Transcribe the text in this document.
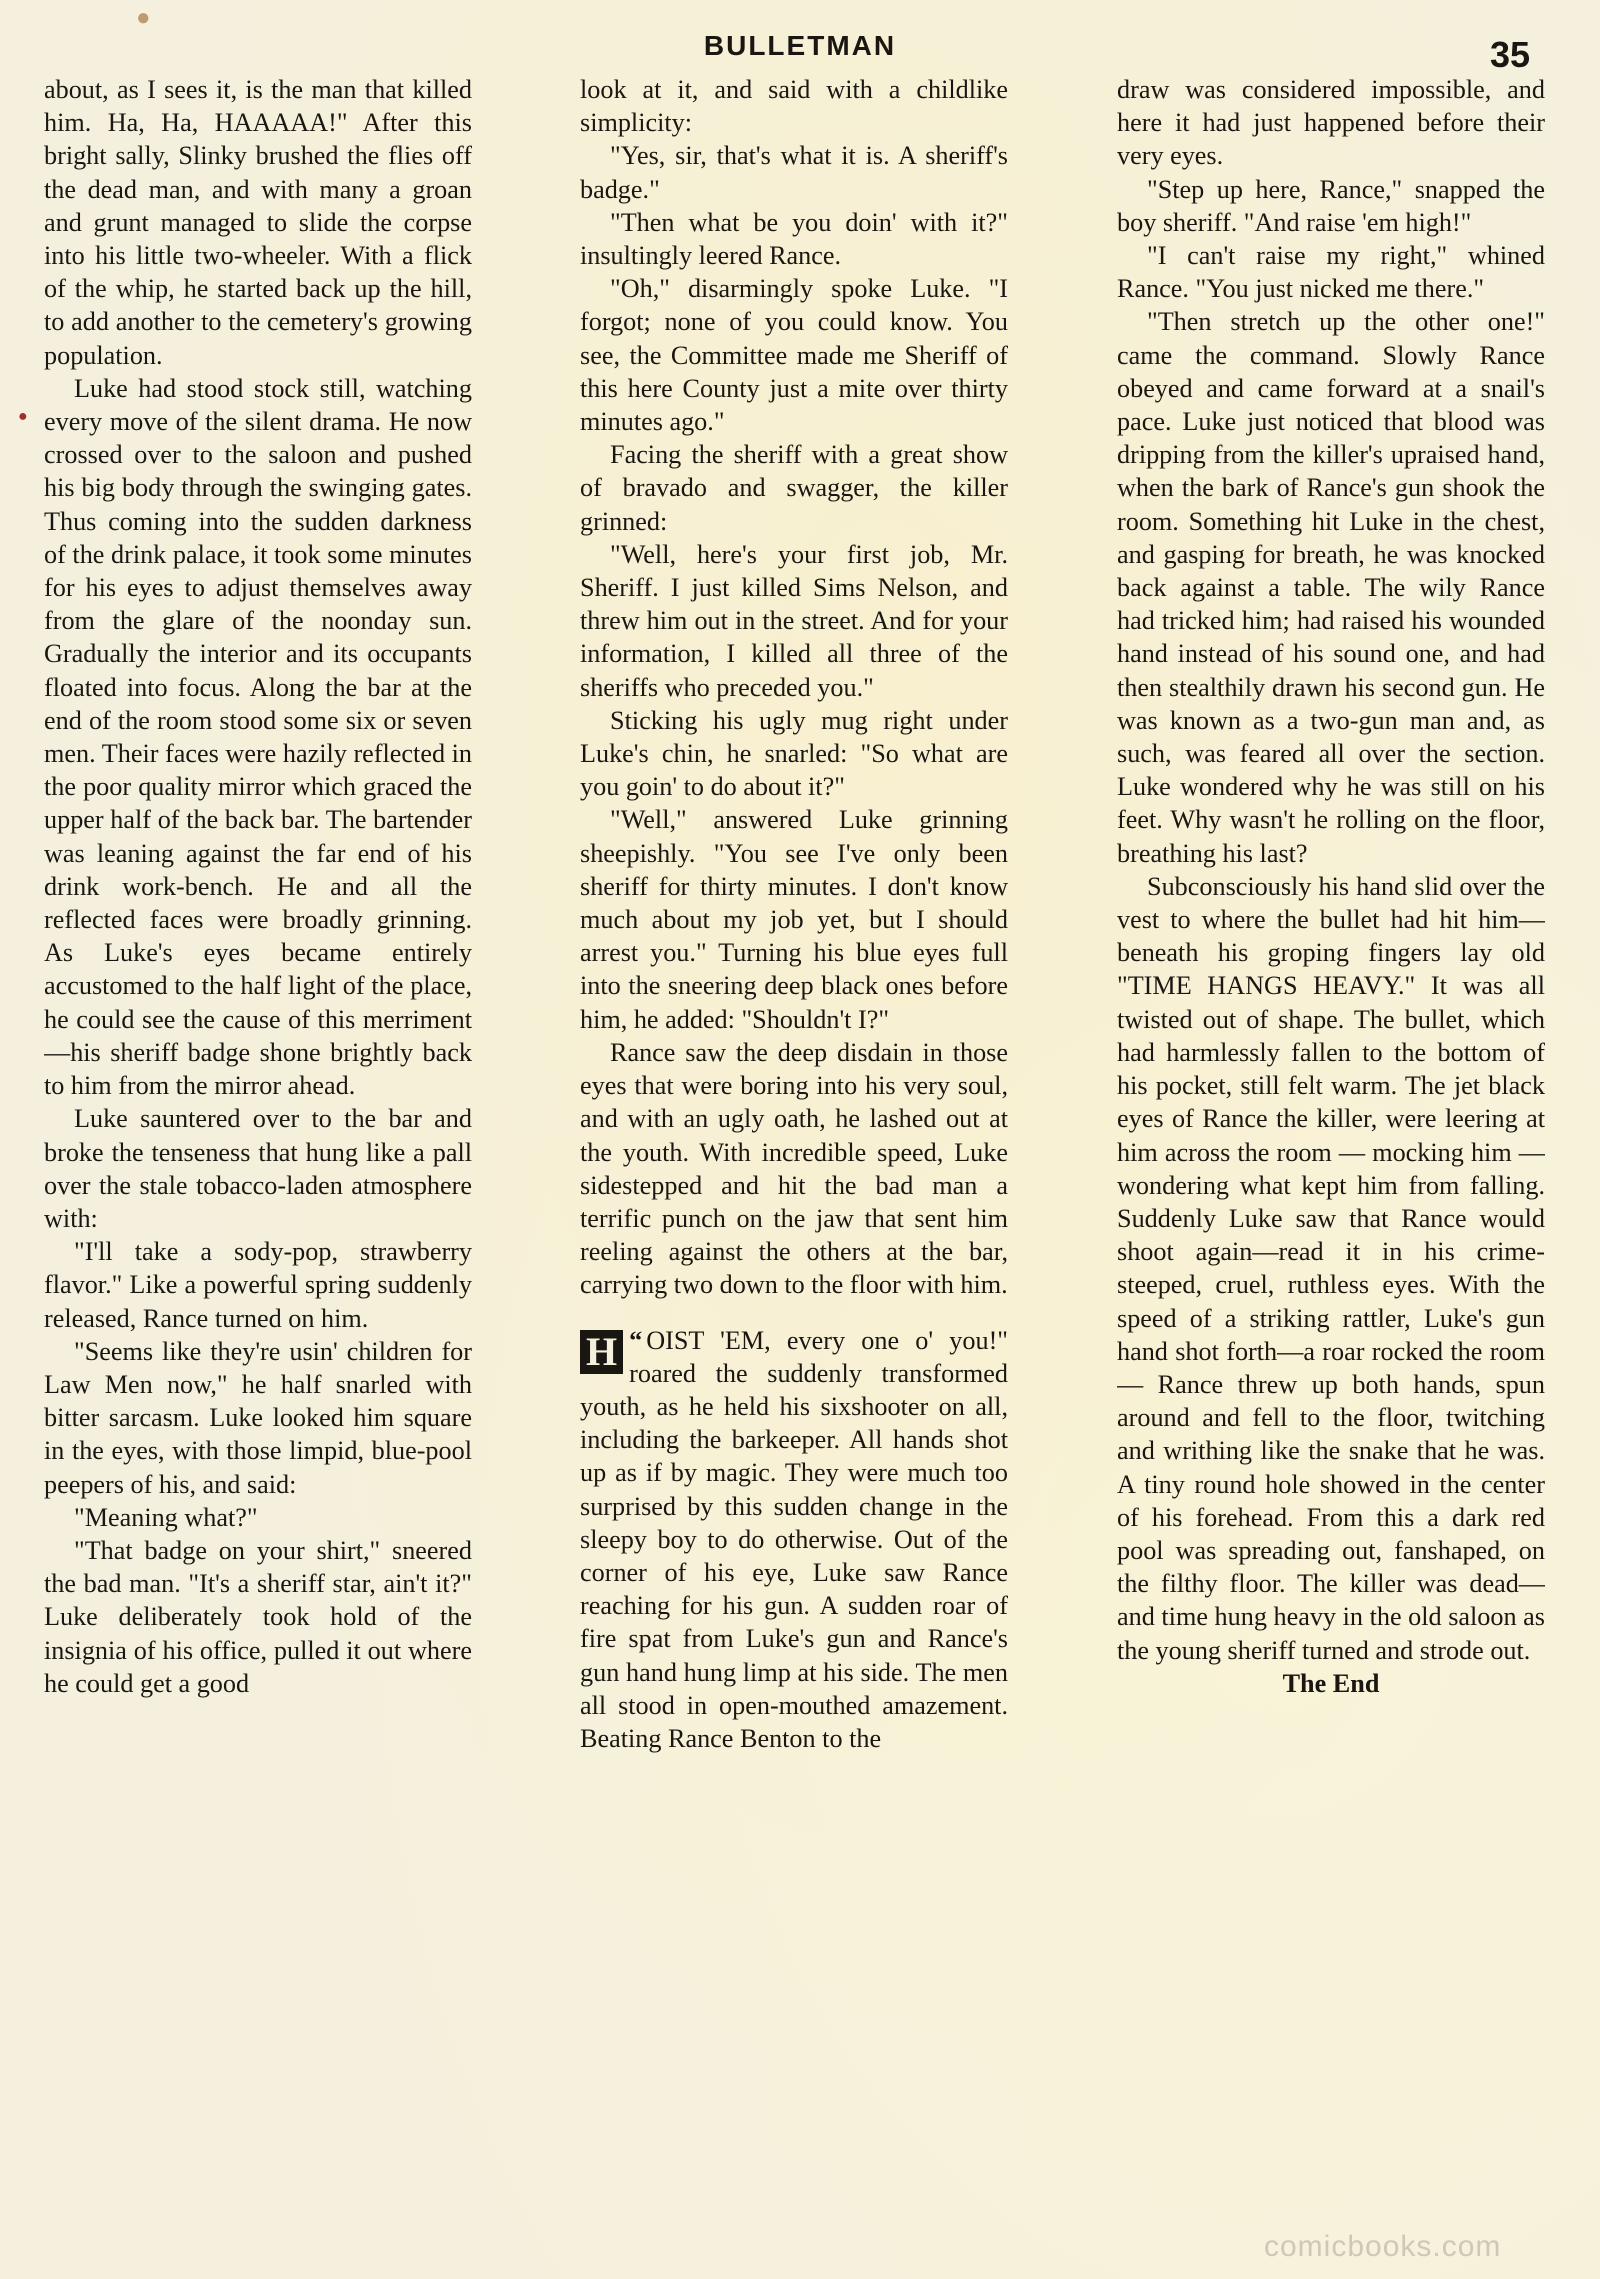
●
●
BULLETMAN	35

about, as I sees it, is the man that killed him. Ha, Ha, HAAAAA!" After this bright sally, Slinky brushed the flies off the dead man, and with many a groan and grunt managed to slide the corpse into his little two-wheeler. With a flick of the whip, he started back up the hill, to add another to the cemetery's growing population.

Luke had stood stock still, watching every move of the silent drama. He now crossed over to the saloon and pushed his big body through the swinging gates. Thus coming into the sudden darkness of the drink palace, it took some minutes for his eyes to adjust themselves away from the glare of the noonday sun. Gradually the interior and its occupants floated into focus. Along the bar at the end of the room stood some six or seven men. Their faces were hazily reflected in the poor quality mirror which graced the upper half of the back bar. The bartender was leaning against the far end of his drink work-bench. He and all the reflected faces were broadly grinning. As Luke's eyes became entirely accustomed to the half light of the place, he could see the cause of this merriment—his sheriff badge shone brightly back to him from the mirror ahead.

Luke sauntered over to the bar and broke the tenseness that hung like a pall over the stale tobacco-laden atmosphere with:

"I'll take a sody-pop, strawberry flavor." Like a powerful spring suddenly released, Rance turned on him.

"Seems like they're usin' children for Law Men now," he half snarled with bitter sarcasm. Luke looked him square in the eyes, with those limpid, blue-pool peepers of his, and said:

"Meaning what?"

"That badge on your shirt," sneered the bad man. "It's a sheriff star, ain't it?" Luke deliberately took hold of the insignia of his office, pulled it out where he could get a good

look at it, and said with a childlike simplicity:

"Yes, sir, that's what it is. A sheriff's badge."

"Then what be you doin' with it?" insultingly leered Rance.

"Oh," disarmingly spoke Luke. "I forgot; none of you could know. You see, the Committee made me Sheriff of this here County just a mite over thirty minutes ago."

Facing the sheriff with a great show of bravado and swagger, the killer grinned:

"Well, here's your first job, Mr. Sheriff. I just killed Sims Nelson, and threw him out in the street. And for your information, I killed all three of the sheriffs who preceded you."

Sticking his ugly mug right under Luke's chin, he snarled: "So what are you goin' to do about it?"

"Well," answered Luke grinning sheepishly. "You see I've only been sheriff for thirty minutes. I don't know much about my job yet, but I should arrest you." Turning his blue eyes full into the sneering deep black ones before him, he added: "Shouldn't I?"

Rance saw the deep disdain in those eyes that were boring into his very soul, and with an ugly oath, he lashed out at the youth. With incredible speed, Luke sidestepped and hit the bad man a terrific punch on the jaw that sent him reeling against the others at the bar, carrying two down to the floor with him.

“
H OIST 'EM, every one o' you!" roared the suddenly transformed youth, as he held his sixshooter on all, including the barkeeper. All hands shot up as if by magic. They were much too surprised by this sudden change in the sleepy boy to do otherwise. Out of the corner of his eye, Luke saw Rance reaching for his gun. A sudden roar of fire spat from Luke's gun and Rance's gun hand hung limp at his side. The men all stood in open-mouthed amazement. Beating Rance Benton to the

draw was considered impossible, and here it had just happened before their very eyes.

"Step up here, Rance," snapped the boy sheriff. "And raise 'em high!"

"I can't raise my right," whined Rance. "You just nicked me there."

"Then stretch up the other one!" came the command. Slowly Rance obeyed and came forward at a snail's pace. Luke just noticed that blood was dripping from the killer's upraised hand, when the bark of Rance's gun shook the room. Something hit Luke in the chest, and gasping for breath, he was knocked back against a table. The wily Rance had tricked him; had raised his wounded hand instead of his sound one, and had then stealthily drawn his second gun. He was known as a two-gun man and, as such, was feared all over the section. Luke wondered why he was still on his feet. Why wasn't he rolling on the floor, breathing his last?

Subconsciously his hand slid over the vest to where the bullet had hit him—beneath his groping fingers lay old "TIME HANGS HEAVY." It was all twisted out of shape. The bullet, which had harmlessly fallen to the bottom of his pocket, still felt warm. The jet black eyes of Rance the killer, were leering at him across the room — mocking him — wondering what kept him from falling. Suddenly Luke saw that Rance would shoot again—read it in his crime-steeped, cruel, ruthless eyes. With the speed of a striking rattler, Luke's gun hand shot forth—a roar rocked the room — Rance threw up both hands, spun around and fell to the floor, twitching and writhing like the snake that he was. A tiny round hole showed in the center of his forehead. From this a dark red pool was spreading out, fanshaped, on the filthy floor. The killer was dead—and time hung heavy in the old saloon as the young sheriff turned and strode out.

The End

comicbooks.com
